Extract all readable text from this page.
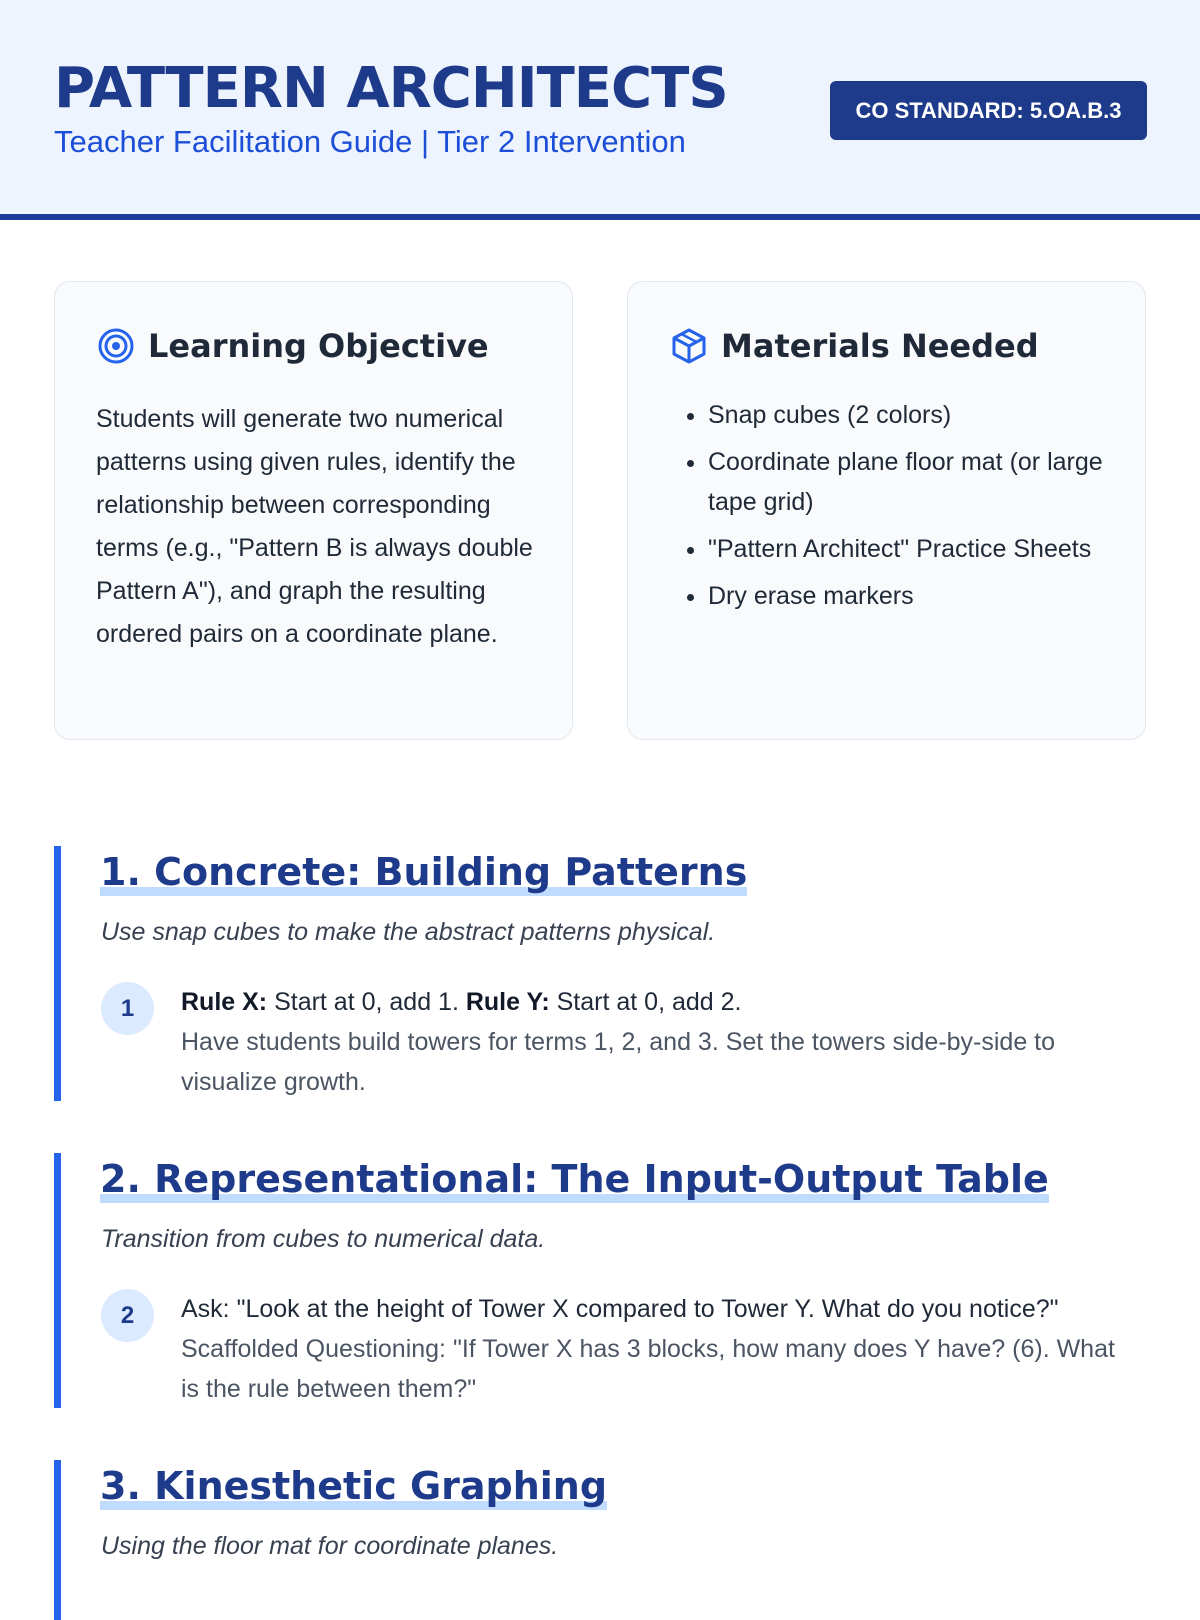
PATTERN ARCHITECTS
Teacher Facilitation Guide | Tier 2 Intervention
CO STANDARD: 5.OA.B.3
Learning Objective

Students will generate two numerical patterns using given rules, identify the relationship between corresponding terms (e.g., "Pattern B is always double Pattern A"), and graph the resulting ordered pairs on a coordinate plane.

Materials Needed
• Snap cubes (2 colors)
• Coordinate plane floor mat (or large tape grid)
• "Pattern Architect" Practice Sheets
• Dry erase markers
1. Concrete: Building Patterns
Use snap cubes to make the abstract patterns physical.
1	Rule X: Start at 0, add 1. Rule Y: Start at 0, add 2.
Have students build towers for terms 1, 2, and 3. Set the towers side-by-side to visualize growth.
2. Representational: The Input-Output Table
Transition from cubes to numerical data.
2	Ask: "Look at the height of Tower X compared to Tower Y. What do you notice?"
Scaffolded Questioning: "If Tower X has 3 blocks, how many does Y have? (6). What is the rule between them?"
3. Kinesthetic Graphing
Using the floor mat for coordinate planes.
